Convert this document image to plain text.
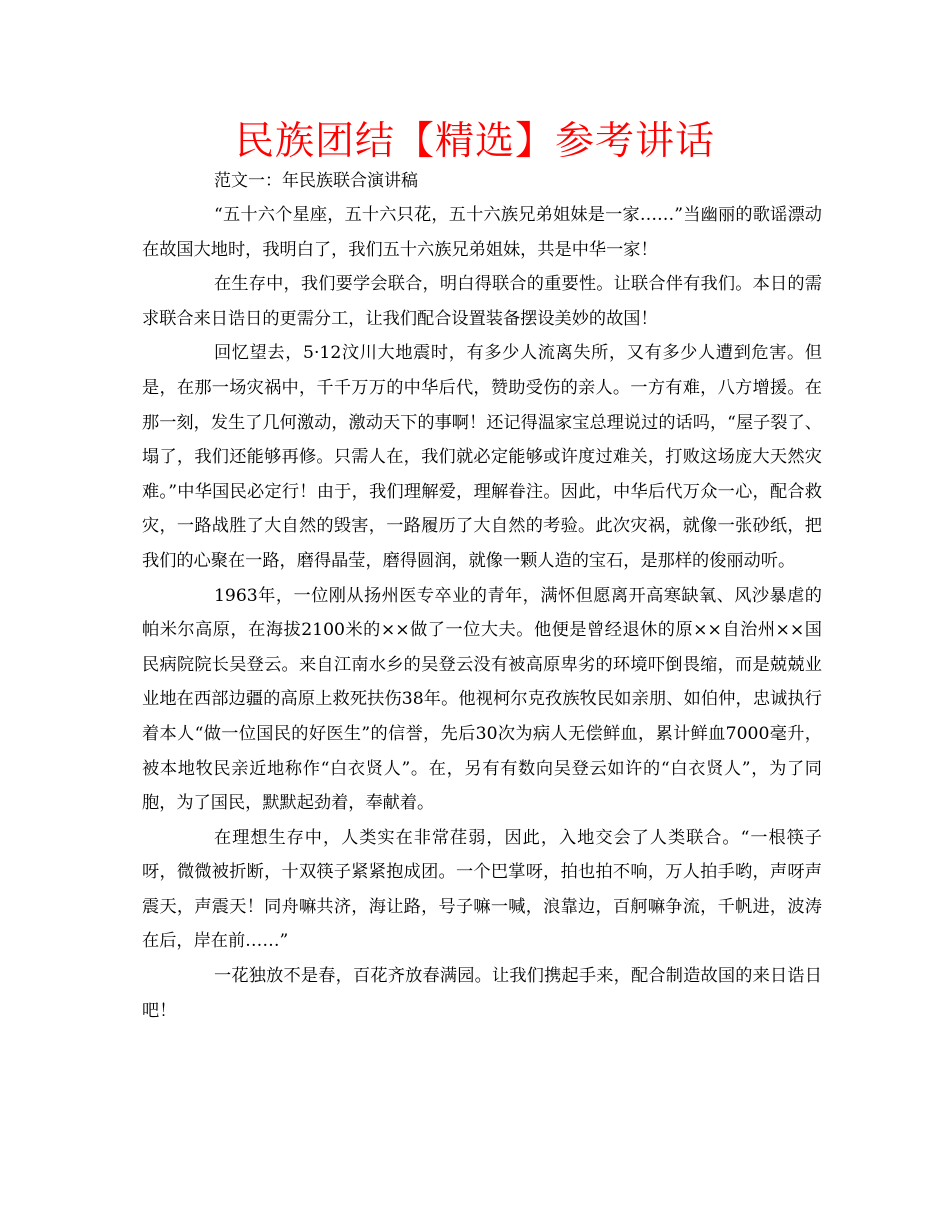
民族团结【精选】参考讲话

范文一：年民族联合演讲稿

“五十六个星座，五十六只花，五十六族兄弟姐妹是一家……”当幽丽的歌谣漂动在故国大地时，我明白了，我们五十六族兄弟姐妹，共是中华一家！

在生存中，我们要学会联合，明白得联合的重要性。让联合伴有我们。本日的需求联合来日诰日的更需分工，让我们配合设置装备摆设美妙的故国！

回忆望去，5·12汶川大地震时，有多少人流离失所，又有多少人遭到危害。但是，在那一场灾祸中，千千万万的中华后代，赞助受伤的亲人。一方有难，八方增援。在那一刻，发生了几何激动，激动天下的事啊！还记得温家宝总理说过的话吗，“屋子裂了、塌了，我们还能够再修。只需人在，我们就必定能够或许度过难关，打败这场庞大天然灾难。”中华国民必定行！由于，我们理解爱，理解眷注。因此，中华后代万众一心，配合救灾，一路战胜了大自然的毁害，一路履历了大自然的考验。此次灾祸，就像一张砂纸，把我们的心聚在一路，磨得晶莹，磨得圆润，就像一颗人造的宝石，是那样的俊丽动听。

1963年，一位刚从扬州医专卒业的青年，满怀但愿离开高寒缺氧、风沙暴虐的帕米尔高原，在海拔2100米的××做了一位大夫。他便是曾经退休的原××自治州××国民病院院长吴登云。来自江南水乡的吴登云没有被高原卑劣的环境吓倒畏缩，而是兢兢业业地在西部边疆的高原上救死扶伤38年。他视柯尔克孜族牧民如亲朋、如伯仲，忠诚执行着本人“做一位国民的好医生”的信誉，先后30次为病人无偿鲜血，累计鲜血7000毫升，被本地牧民亲近地称作“白衣贤人”。在，另有有数向吴登云如许的“白衣贤人”，为了同胞，为了国民，默默起劲着，奉献着。

在理想生存中，人类实在非常荏弱，因此，入地交会了人类联合。“一根筷子呀，微微被折断，十双筷子紧紧抱成团。一个巴掌呀，拍也拍不响，万人拍手哟，声呀声震天，声震天！同舟嘛共济，海让路，号子嘛一喊，浪靠边，百舸嘛争流，千帆进，波涛在后，岸在前……”

一花独放不是春，百花齐放春满园。让我们携起手来，配合制造故国的来日诰日吧！
